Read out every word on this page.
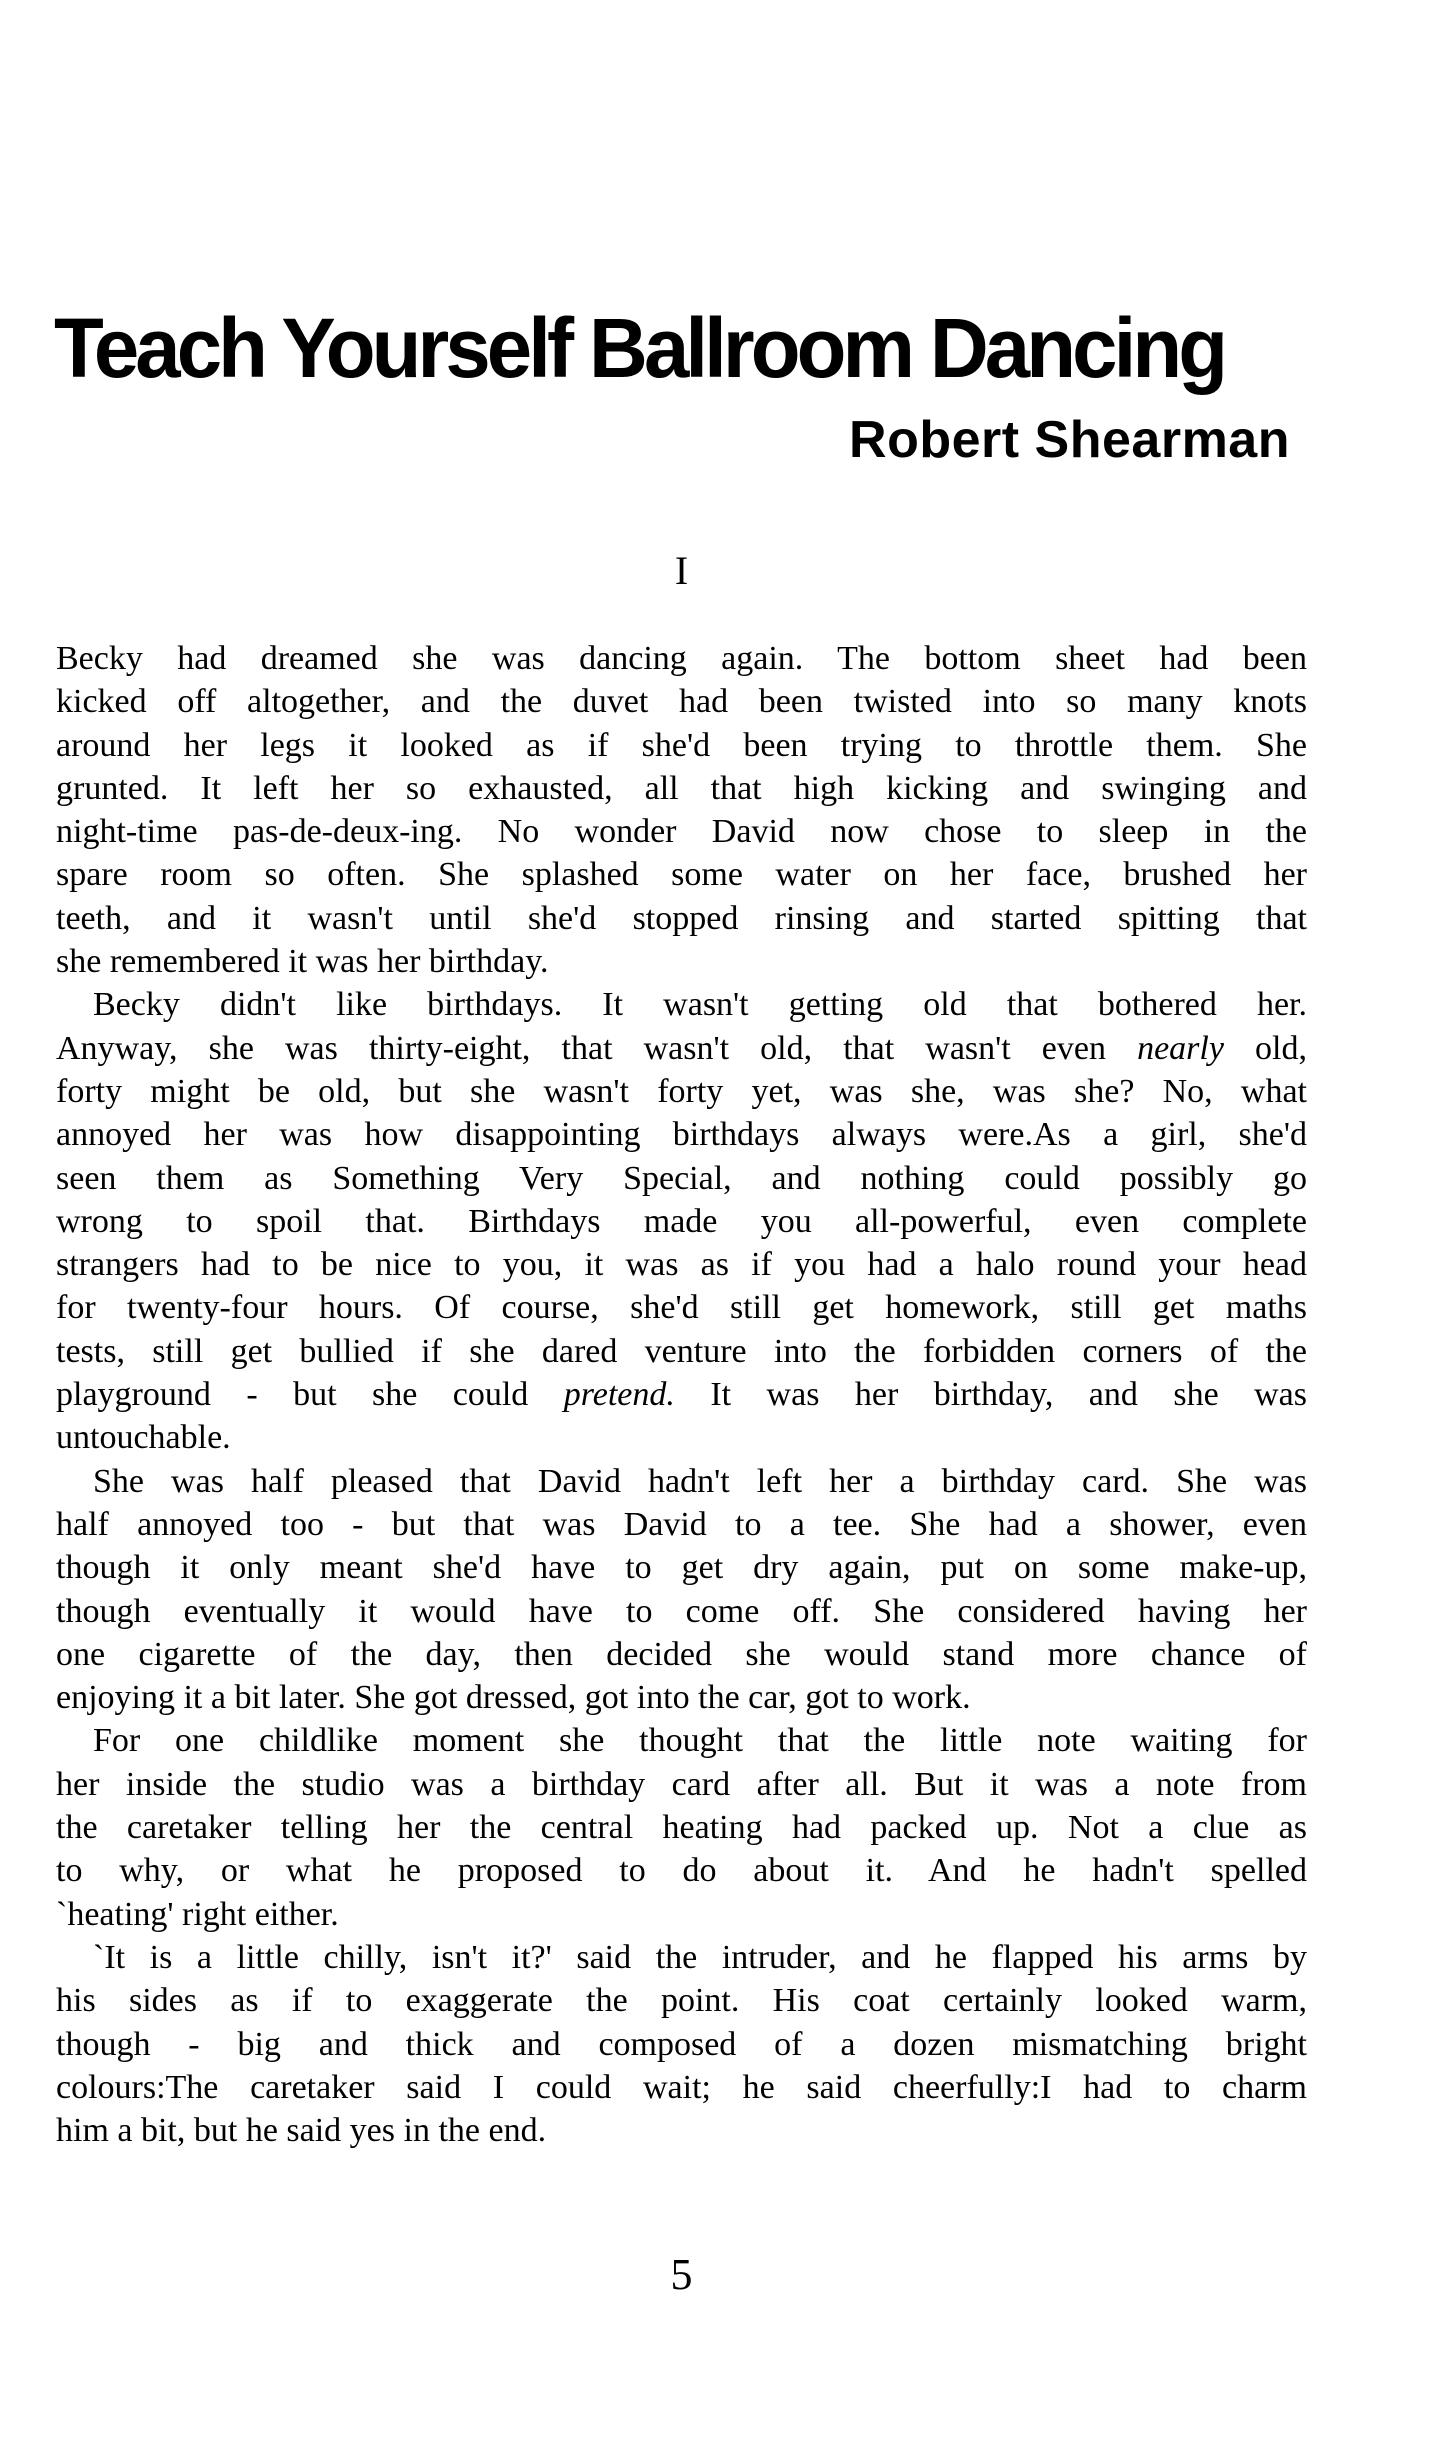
Teach Yourself Ballroom Dancing
Robert Shearman
I
Becky had dreamed she was dancing again. The bottom sheet had been
kicked off altogether, and the duvet had been twisted into so many knots
around her legs it looked as if she'd been trying to throttle them. She
grunted. It left her so exhausted, all that high kicking and swinging and
night-time pas-de-deux-ing. No wonder David now chose to sleep in the
spare room so often. She splashed some water on her face, brushed her
teeth, and it wasn't until she'd stopped rinsing and started spitting that
she remembered it was her birthday.
Becky didn't like birthdays. It wasn't getting old that bothered her.
Anyway, she was thirty-eight, that wasn't old, that wasn't even nearly old,
forty might be old, but she wasn't forty yet, was she, was she? No, what
annoyed her was how disappointing birthdays always were.As a girl, she'd
seen them as Something Very Special, and nothing could possibly go
wrong to spoil that. Birthdays made you all-powerful, even complete
strangers had to be nice to you, it was as if you had a halo round your head
for twenty-four hours. Of course, she'd still get homework, still get maths
tests, still get bullied if she dared venture into the forbidden corners of the
playground - but she could pretend. It was her birthday, and she was
untouchable.
She was half pleased that David hadn't left her a birthday card. She was
half annoyed too - but that was David to a tee. She had a shower, even
though it only meant she'd have to get dry again, put on some make-up,
though eventually it would have to come off. She considered having her
one cigarette of the day, then decided she would stand more chance of
enjoying it a bit later. She got dressed, got into the car, got to work.
For one childlike moment she thought that the little note waiting for
her inside the studio was a birthday card after all. But it was a note from
the caretaker telling her the central heating had packed up. Not a clue as
to why, or what he proposed to do about it. And he hadn't spelled
`heating' right either.
`It is a little chilly, isn't it?' said the intruder, and he flapped his arms by
his sides as if to exaggerate the point. His coat certainly looked warm,
though - big and thick and composed of a dozen mismatching bright
colours:The caretaker said I could wait; he said cheerfully:I had to charm
him a bit, but he said yes in the end.
5
